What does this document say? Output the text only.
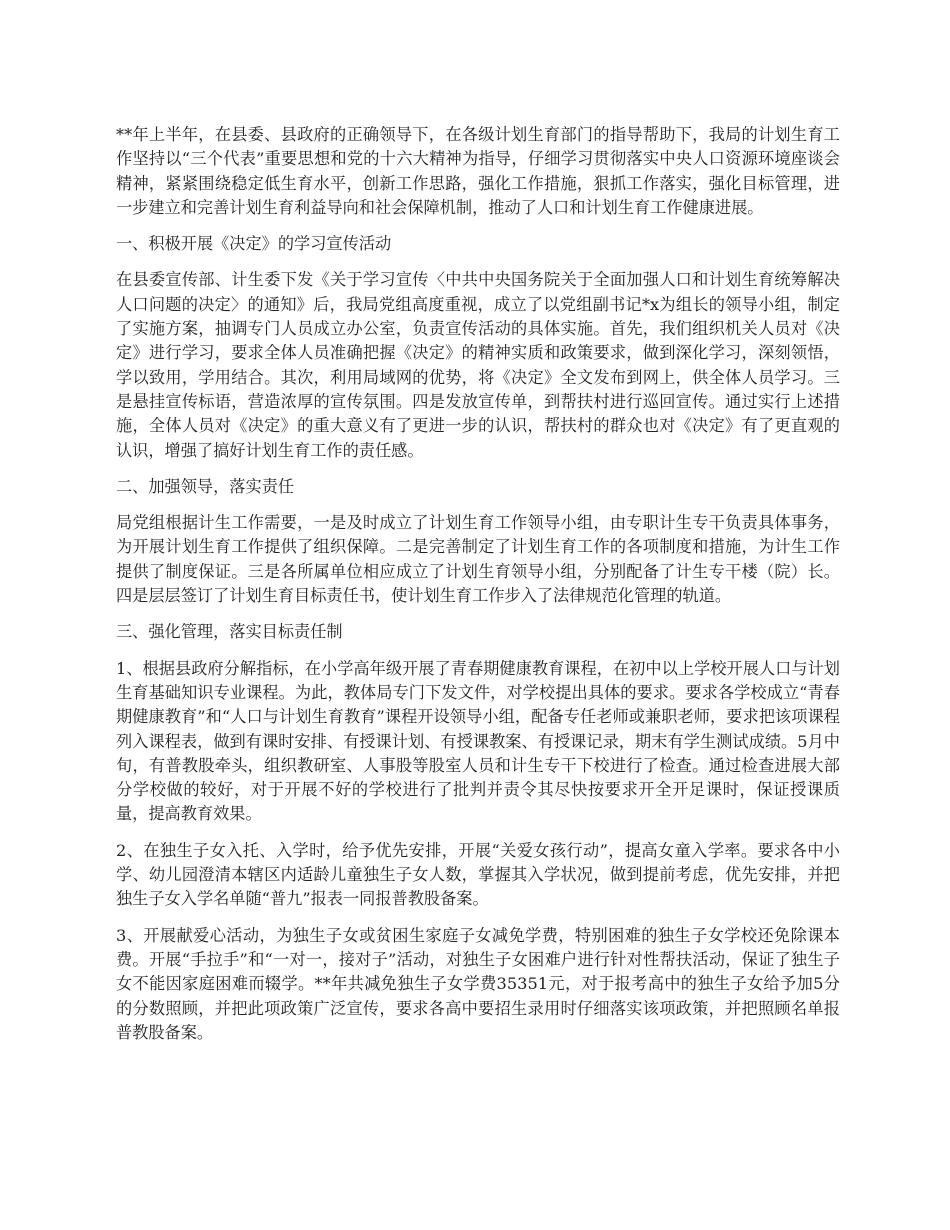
**年上半年，在县委、县政府的正确领导下，在各级计划生育部门的指导帮助下，我局的计划生育工作坚持以“三个代表”重要思想和党的十六大精神为指导，仔细学习贯彻落实中央人口资源环境座谈会精神，紧紧围绕稳定低生育水平，创新工作思路，强化工作措施，狠抓工作落实，强化目标管理，进一步建立和完善计划生育利益导向和社会保障机制，推动了人口和计划生育工作健康进展。

一、积极开展《决定》的学习宣传活动

在县委宣传部、计生委下发《关于学习宣传〈中共中央国务院关于全面加强人口和计划生育统筹解决人口问题的决定〉的通知》后，我局党组高度重视，成立了以党组副书记*x为组长的领导小组，制定了实施方案，抽调专门人员成立办公室，负责宣传活动的具体实施。首先，我们组织机关人员对《决定》进行学习，要求全体人员准确把握《决定》的精神实质和政策要求，做到深化学习，深刻领悟，学以致用，学用结合。其次，利用局域网的优势，将《决定》全文发布到网上，供全体人员学习。三是悬挂宣传标语，营造浓厚的宣传氛围。四是发放宣传单，到帮扶村进行巡回宣传。通过实行上述措施，全体人员对《决定》的重大意义有了更进一步的认识，帮扶村的群众也对《决定》有了更直观的认识，增强了搞好计划生育工作的责任感。

二、加强领导，落实责任

局党组根据计生工作需要，一是及时成立了计划生育工作领导小组，由专职计生专干负责具体事务，为开展计划生育工作提供了组织保障。二是完善制定了计划生育工作的各项制度和措施，为计生工作提供了制度保证。三是各所属单位相应成立了计划生育领导小组，分别配备了计生专干楼（院）长。四是层层签订了计划生育目标责任书，使计划生育工作步入了法律规范化管理的轨道。

三、强化管理，落实目标责任制

1、根据县政府分解指标，在小学高年级开展了青春期健康教育课程，在初中以上学校开展人口与计划生育基础知识专业课程。为此，教体局专门下发文件，对学校提出具体的要求。要求各学校成立“青春期健康教育”和“人口与计划生育教育”课程开设领导小组，配备专任老师或兼职老师，要求把该项课程列入课程表，做到有课时安排、有授课计划、有授课教案、有授课记录，期末有学生测试成绩。5月中旬，有普教股牵头，组织教研室、人事股等股室人员和计生专干下校进行了检查。通过检查进展大部分学校做的较好，对于开展不好的学校进行了批判并责令其尽快按要求开全开足课时，保证授课质量，提高教育效果。

2、在独生子女入托、入学时，给予优先安排，开展“关爱女孩行动”，提高女童入学率。要求各中小学、幼儿园澄清本辖区内适龄儿童独生子女人数，掌握其入学状况，做到提前考虑，优先安排，并把独生子女入学名单随“普九”报表一同报普教股备案。

3、开展献爱心活动，为独生子女或贫困生家庭子女减免学费，特别困难的独生子女学校还免除课本费。开展“手拉手”和“一对一，接对子”活动，对独生子女困难户进行针对性帮扶活动，保证了独生子女不能因家庭困难而辍学。**年共减免独生子女学费35351元，对于报考高中的独生子女给予加5分的分数照顾，并把此项政策广泛宣传，要求各高中要招生录用时仔细落实该项政策，并把照顾名单报普教股备案。
